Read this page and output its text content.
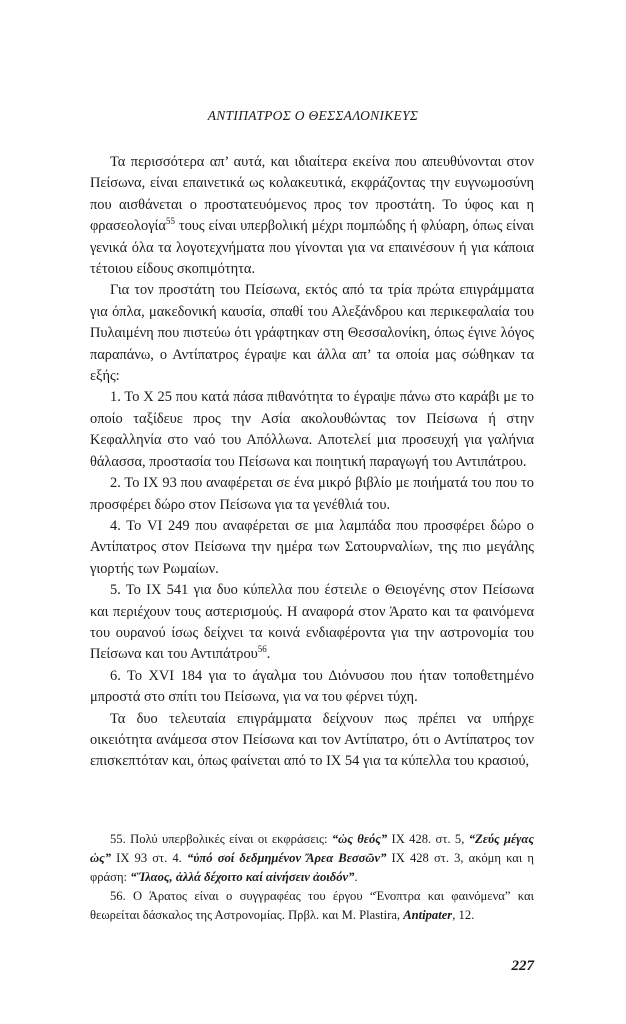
ΑΝΤΙΠΑΤΡΟΣ Ο ΘΕΣΣΑΛΟΝΙΚΕΥΣ

Τα περισσότερα απ’ αυτά, και ιδιαίτερα εκείνα που απευθύνονται στον Πείσωνα, είναι επαινετικά ως κολακευτικά, εκφράζοντας την ευγνωμοσύνη που αισθάνεται ο προστατευόμενος προς τον προστάτη. Το ύφος και η φρασεολογία$^{55}$ τους είναι υπερβολική μέχρι πομπώδης ή φλύαρη, όπως είναι γενικά όλα τα λογοτεχνήματα που γίνονται για να επαινέσουν ή για κάποια τέτοιου είδους σκοπιμότητα.

Για τον προστάτη του Πείσωνα, εκτός από τα τρία πρώτα επιγράμματα για όπλα, μακεδονική καυσία, σπαθί του Αλεξάνδρου και περικεφαλαία του Πυλαιμένη που πιστεύω ότι γράφτηκαν στη Θεσσαλονίκη, όπως έγινε λόγος παραπάνω, ο Αντίπατρος έγραψε και άλλα απ’ τα οποία μας σώθηκαν τα εξής:

1. Το Χ 25 που κατά πάσα πιθανότητα το έγραψε πάνω στο καράβι με το οποίο ταξίδευε προς την Ασία ακολουθώντας τον Πείσωνα ή στην Κεφαλληνία στο ναό του Απόλλωνα. Αποτελεί μια προσευχή για γαλήνια θάλασσα, προστασία του Πείσωνα και ποιητική παραγωγή του Αντιπάτρου.

2. Το ΙΧ 93 που αναφέρεται σε ένα μικρό βιβλίο με ποιήματά του που το προσφέρει δώρο στον Πείσωνα για τα γενέθλιά του.

4. Το VI 249 που αναφέρεται σε μια λαμπάδα που προσφέρει δώρο ο Αντίπατρος στον Πείσωνα την ημέρα των Σατουρναλίων, της πιο μεγάλης γιορτής των Ρωμαίων.

5. Το ΙΧ 541 για δυο κύπελλα που έστειλε ο Θειογένης στον Πείσωνα και περιέχουν τους αστερισμούς. Η αναφορά στον Άρατο και τα φαινόμενα του ουρανού ίσως δείχνει τα κοινά ενδιαφέροντα για την αστρονομία του Πείσωνα και του Αντιπάτρου$^{56}$.

6. Το XVI 184 για το άγαλμα του Διόνυσου που ήταν τοποθετημένο μπροστά στο σπίτι του Πείσωνα, για να του φέρνει τύχη.

Τα δυο τελευταία επιγράμματα δείχνουν πως πρέπει να υπήρχε οικειότητα ανάμεσα στον Πείσωνα και τον Αντίπατρο, ότι ο Αντίπατρος τον επισκεπτόταν και, όπως φαίνεται από το ΙΧ 54 για τα κύπελλα του κρασιού,

55. Πολύ υπερβολικές είναι οι εκφράσεις: “ὡς θεός” IX 428. στ. 5, “Ζεύς μέγας ὡς” IX 93 στ. 4. “ὑπό σοί δεδμημένον Ἄρεα Βεσσῶν” IX 428 στ. 3, ακόμη και η φράση: “Ἵλαος, ἀλλά δέχοιτο καί αἰνήσειν ἀοιδόν”.

56. Ο Άρατος είναι ο συγγραφέας του έργου “Ένοπτρα και φαινόμενα” και θεωρείται δάσκαλος της Αστρονομίας. Πρβλ. και M. Plastira, Antipater, 12.

227
